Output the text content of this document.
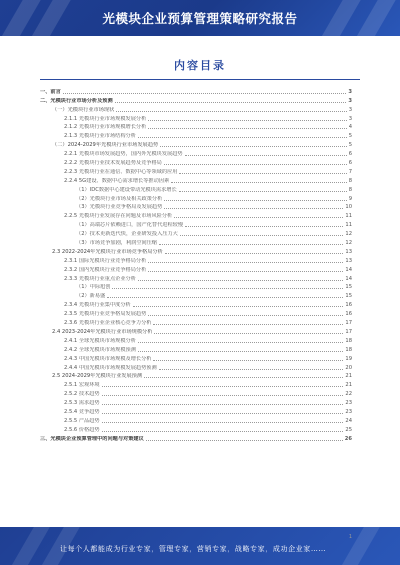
光模块企业预算管理策略研究报告
内容目录
一、前言	3
二、光模块行业市场分析及预测	3
（一）光模块行业市场现状	3
2.1.1 光模块行业市场规模发展分析	3
2.1.2 光模块行业市场规模增长分析	4
2.1.3 光模块行业市场结构分析	5
（二）2024-2029年光模块行业市场发展趋势	5
2.2.1 光模块市场发展趋势，国内外光模块发展趋势	6
2.2.2 光模块行业技术发展趋势及竞争格局	6
2.2.3 光模块行业在通信、数据中心等领域的应用	7
2.2.4 5G建设、数据中心需求增长等推动因素	8
（1）IDC数据中心建设带动光模块需求增长	8
（2）光模块行业市场及相关政策分析	9
（3）光模块行业竞争格局及发展趋势	10
2.2.5 光模块行业发展存在问题及市场风险分析	11
（1）高端芯片依赖进口，国产化替代进程较慢	11
（2）技术更新迭代快，企业研发投入压力大	12
（3）市场竞争加剧，利润空间压缩	12
2.3 2022-2024年光模块行业市场竞争格局分析	13
2.3.1 国际光模块行业竞争格局分析	13
2.3.2 国内光模块行业竞争格局分析	14
2.3.3 光模块行业重点企业分析	14
（1）中际旭创	15
（2）新易盛	15
2.3.4 光模块行业集中度分析	16
2.3.5 光模块行业竞争格局发展趋势	16
2.3.6 光模块行业企业核心竞争力分析	17
2.4 2023-2024年光模块行业市场规模分析	17
2.4.1 全球光模块市场规模分析	18
2.4.2 全球光模块市场规模预测	18
2.4.3 中国光模块市场规模及增长分析	19
2.4.4 中国光模块市场规模发展趋势预测	20
2.5 2024-2029年光模块行业发展预测	21
2.5.1 宏观环境	21
2.5.2 技术趋势	22
2.5.3 需求趋势	23
2.5.4 竞争趋势	23
2.5.5 产品趋势	24
2.5.6 价格趋势	25
三、光模块企业预算管理中的问题与对策建议	26
让每个人都能成为行业专家，管理专家，营销专家，战略专家，成功企业家……
1
